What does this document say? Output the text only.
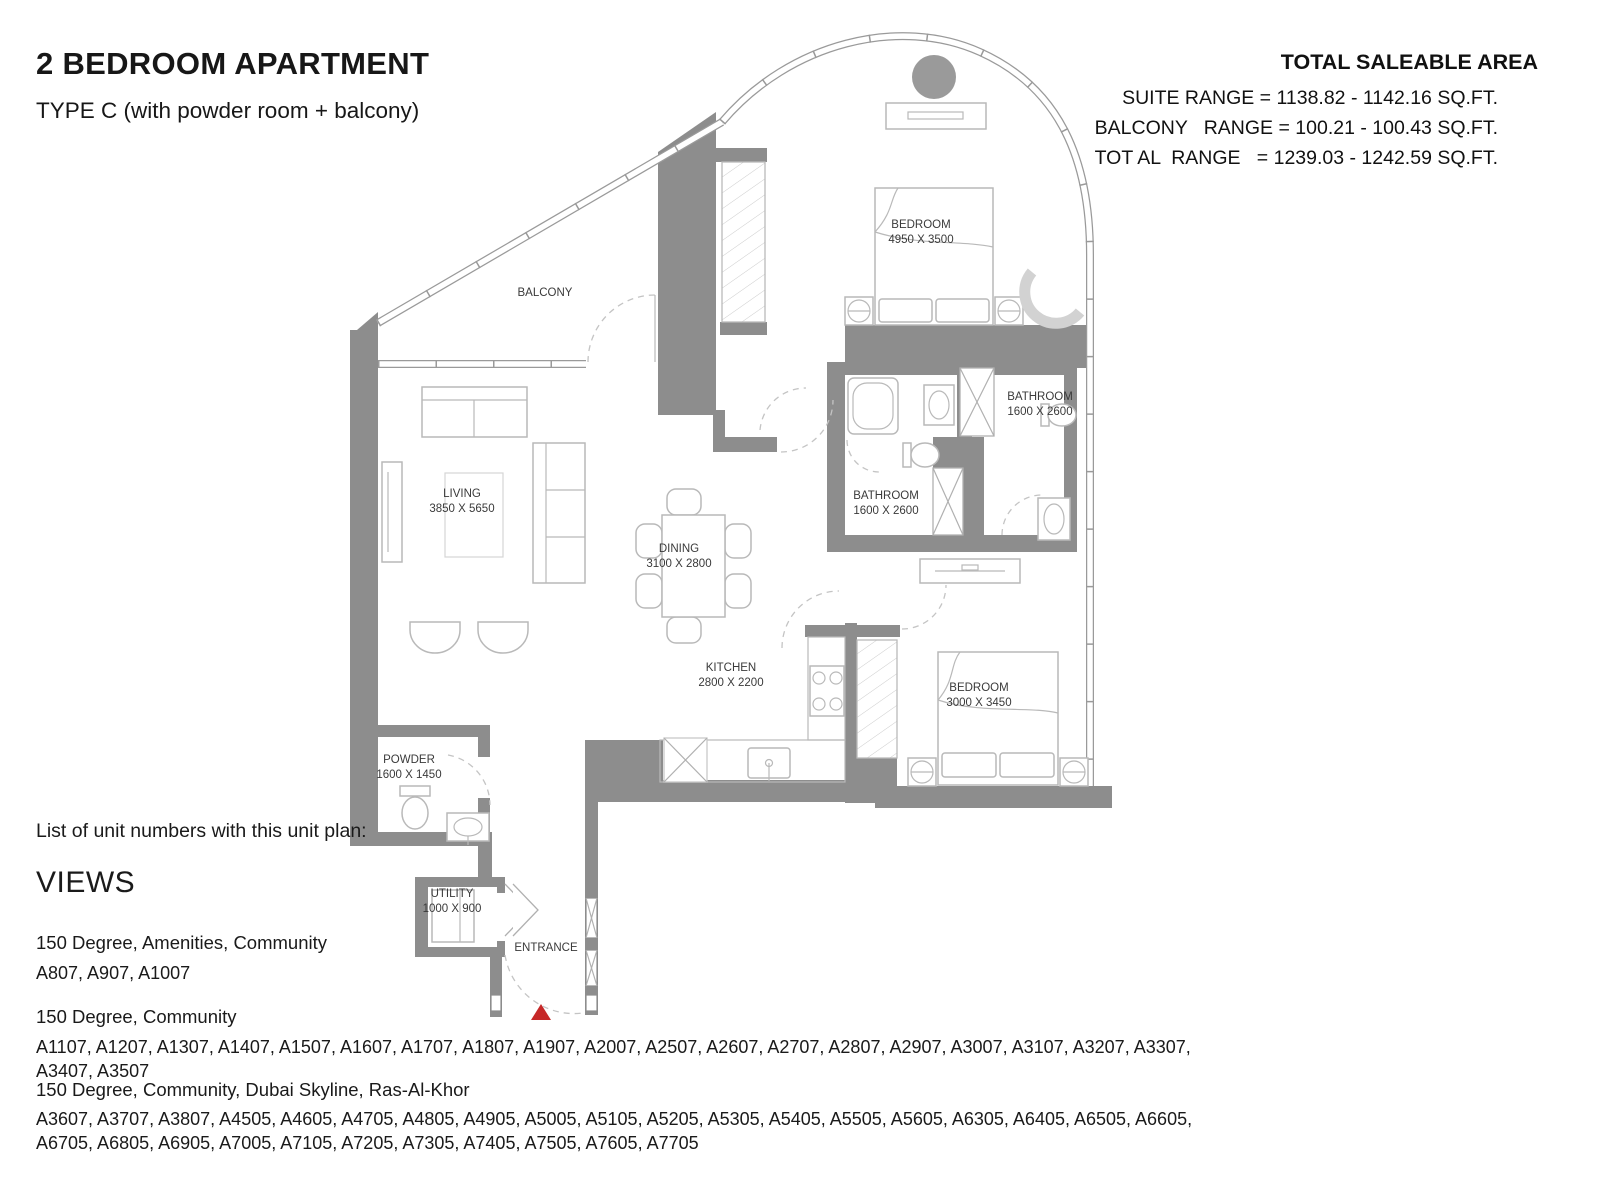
BEDROOM
4950 X 3500
BATHROOM
1600 X 2600
BATHROOM
1600 X 2600
LIVING
3850 X 5650
DINING
3100 X 2800
KITCHEN
2800 X 2200	BEDROOM
3000 X 3450
POWDER
1600 X 1450
UTILITY
1000 X 900
BALCONY
ENTRANCE
2 BEDROOM APARTMENT
TYPE C (with powder room + balcony)
TOTAL SALEABLE AREA
SUITE RANGE = 1138.82 - 1142.16 SQ.FT.
BALCONY   RANGE = 100.21 - 100.43 SQ.FT.
TOT AL  RANGE   = 1239.03 - 1242.59 SQ.FT.
List of unit numbers with this unit plan:
VIEWS
150 Degree, Amenities, Community
A807, A907, A1007
150 Degree, Community
A1107, A1207, A1307, A1407, A1507, A1607, A1707, A1807, A1907, A2007, A2507, A2607, A2707, A2807, A2907, A3007, A3107, A3207, A3307, A3407, A3507
150 Degree, Community, Dubai Skyline, Ras-Al-Khor
A3607, A3707, A3807, A4505, A4605, A4705, A4805, A4905, A5005, A5105, A5205, A5305, A5405, A5505, A5605, A6305, A6405, A6505, A6605, A6705, A6805, A6905, A7005, A7105, A7205, A7305, A7405, A7505, A7605, A7705
